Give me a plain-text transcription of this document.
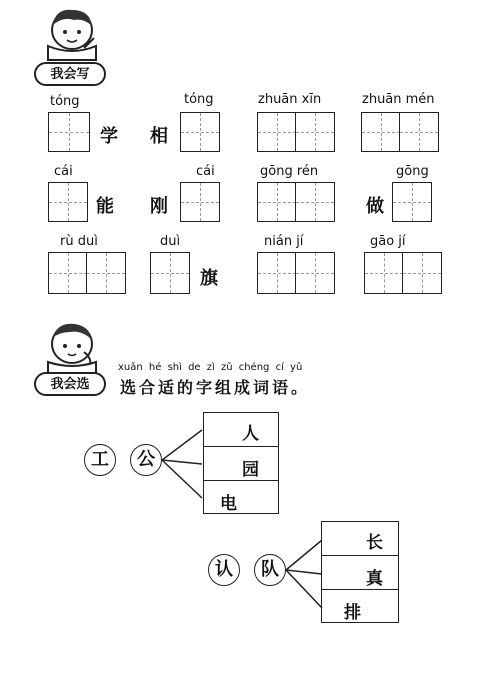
我会写
tóng	tóng	zhuān xīn	zhuān mén
学 相
cái	cái	gōng rén	gōng
能 刚	做
rù duì	duì	nián jí	gāo jí
旗
我会选
xuǎn hé shì de zì zǔ chéng cí yǔ
选合适的字组成词语。
工	公
人
园
电
认	队
长
真
排
